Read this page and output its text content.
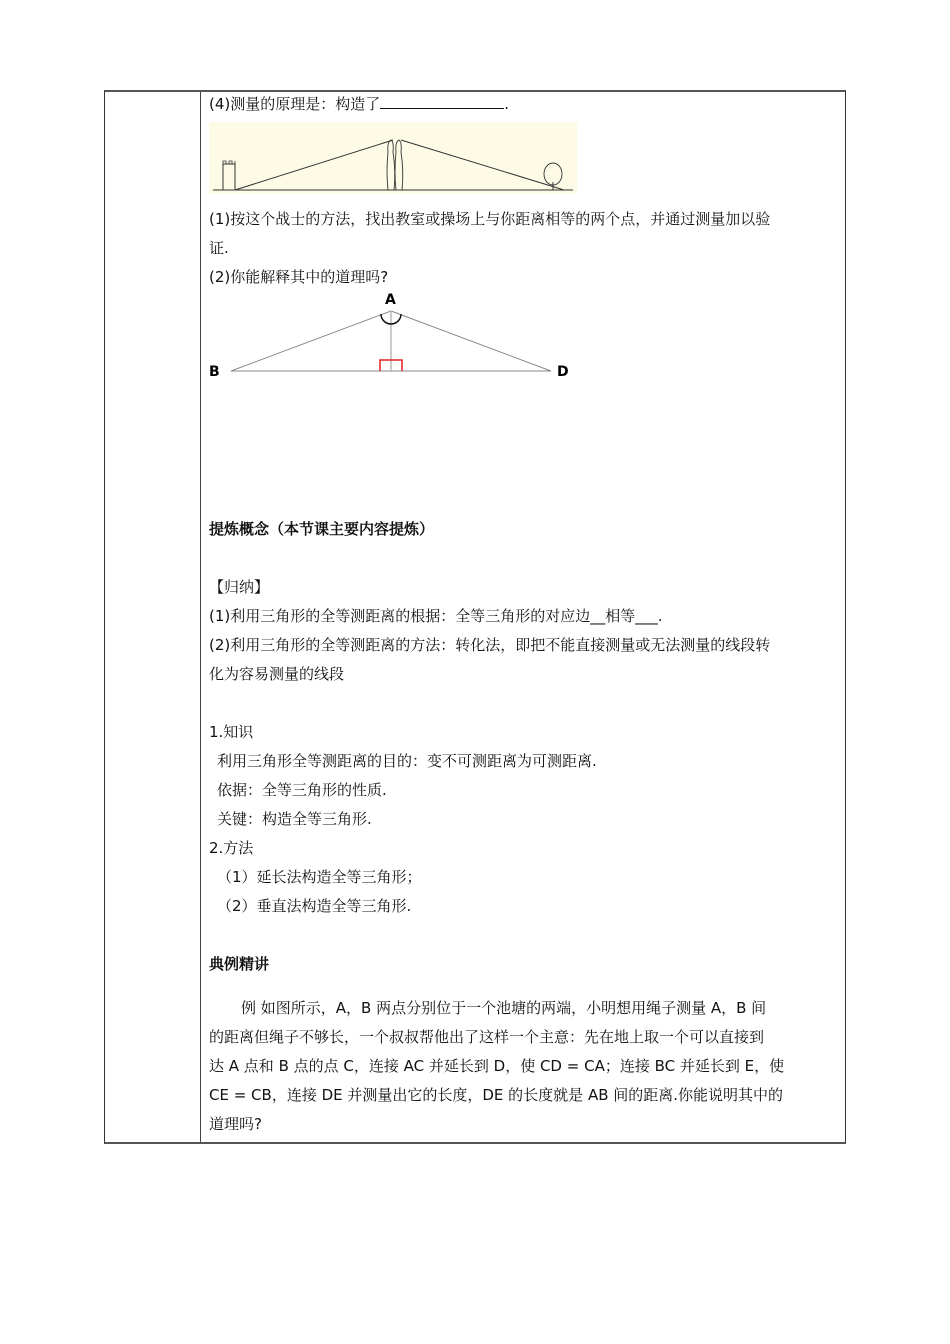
(4)测量的原理是：构造了	.
(1)按这个战士的方法，找出教室或操场上与你距离相等的两个点，并通过测量加以验
证.
(2)你能解释其中的道理吗?
A
B	D
提炼概念（本节课主要内容提炼）
【归纳】
(1)利用三角形的全等测距离的根据：全等三角形的对应边__相等___.
(2)利用三角形的全等测距离的方法：转化法，即把不能直接测量或无法测量的线段转
化为容易测量的线段
1.知识
利用三角形全等测距离的目的：变不可测距离为可测距离.
依据：全等三角形的性质.
关键：构造全等三角形.
2.方法
（1）延长法构造全等三角形；
（2）垂直法构造全等三角形.
典例精讲
例 如图所示，A，B 两点分别位于一个池塘的两端，小明想用绳子测量 A，B 间
的距离但绳子不够长，一个叔叔帮他出了这样一个主意：先在地上取一个可以直接到
达 A 点和 B 点的点 C，连接 AC 并延长到 D，使 CD = CA；连接 BC 并延长到 E，使
CE = CB，连接 DE 并测量出它的长度，DE 的长度就是 AB 间的距离.你能说明其中的
道理吗?
